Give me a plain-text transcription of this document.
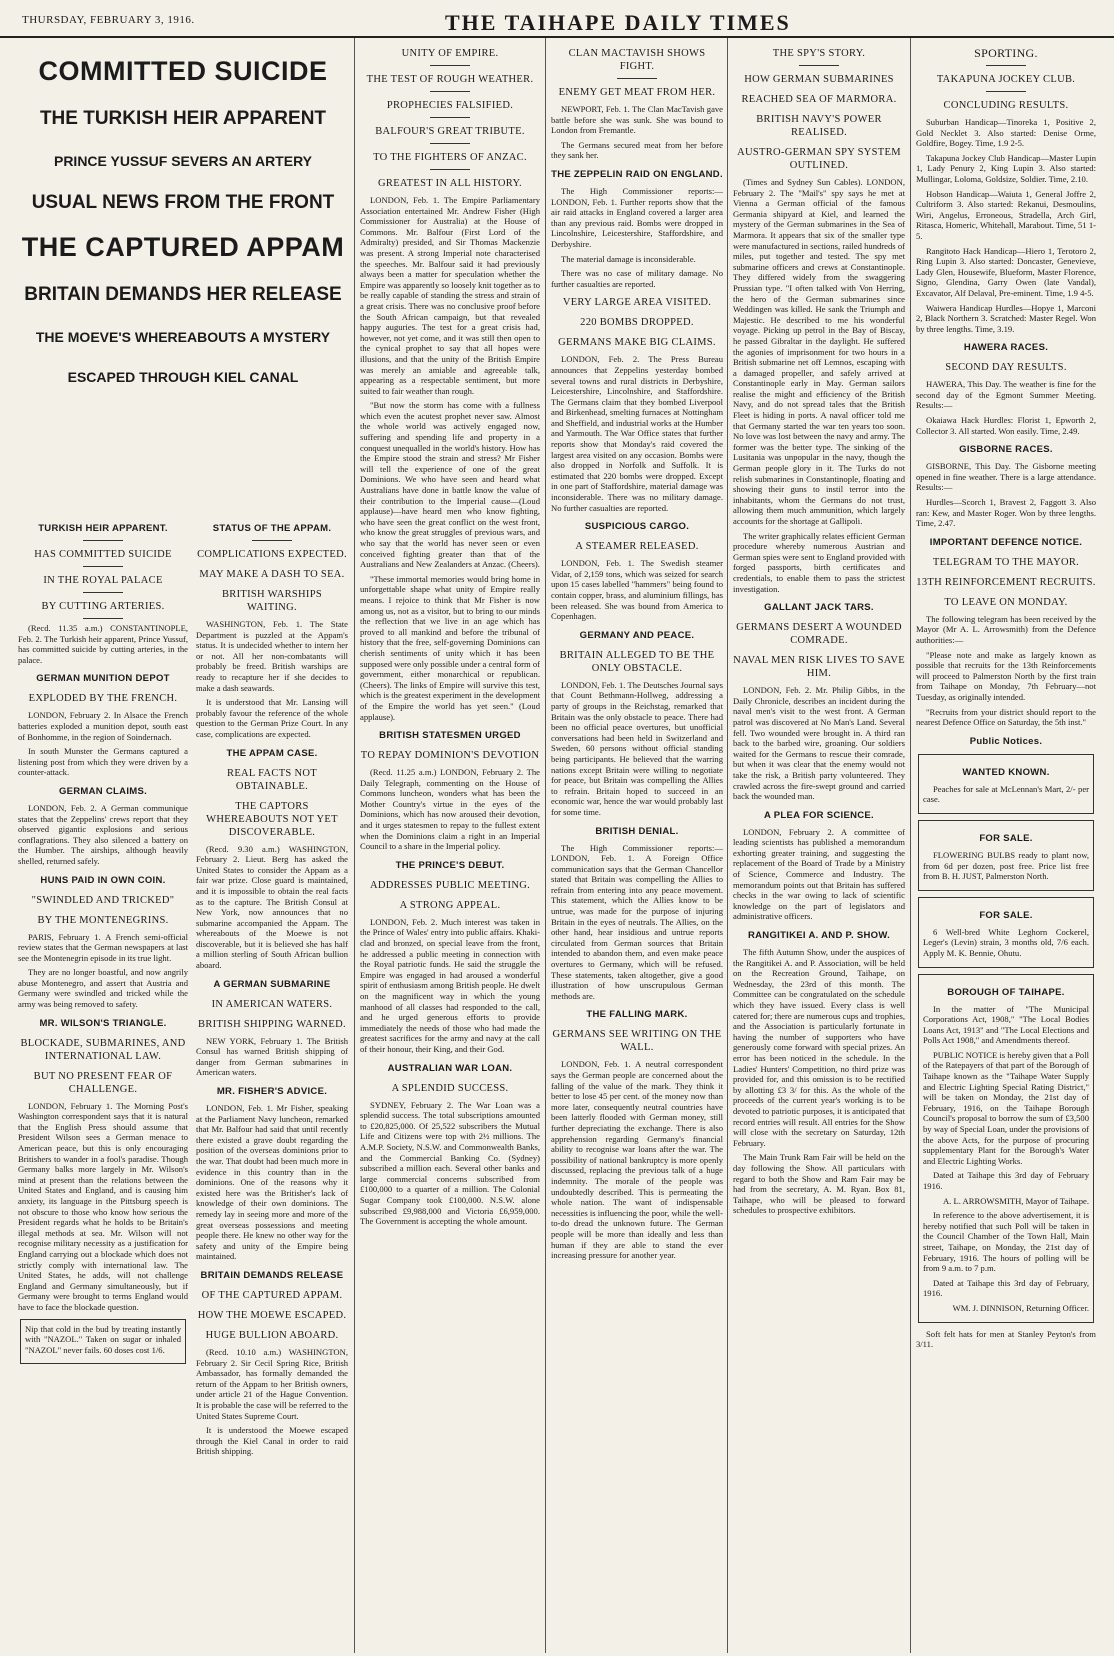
THURSDAY, FEBRUARY 3, 1916.	THE TAIHAPE DAILY TIMES
COMMITTED SUICIDE
THE TURKISH HEIR APPARENT
PRINCE YUSSUF SEVERS AN ARTERY
USUAL NEWS FROM THE FRONT
THE CAPTURED APPAM
BRITAIN DEMANDS HER RELEASE
THE MOEVE'S WHEREABOUTS A MYSTERY
ESCAPED THROUGH KIEL CANAL
TURKISH HEIR APPARENT.
HAS COMMITTED SUICIDE
IN THE ROYAL PALACE
BY CUTTING ARTERIES.

(Recd. 11.35 a.m.) CONSTANTINOPLE, Feb. 2. The Turkish heir apparent, Prince Yussuf, has committed suicide by cutting arteries, in the palace.

GERMAN MUNITION DEPOT
EXPLODED BY THE FRENCH.

LONDON, February 2. In Alsace the French batteries exploded a munition depot, south east of Bonhomme, in the region of Soindernach.

In south Munster the Germans captured a listening post from which they were driven by a counter-attack.

GERMAN CLAIMS.

LONDON, Feb. 2. A German communique states that the Zeppelins' crews report that they observed gigantic explosions and serious conflagrations. They also silenced a battery on the Humber. The airships, although heavily shelled, returned safely.

HUNS PAID IN OWN COIN.
"SWINDLED AND TRICKED"
BY THE MONTENEGRINS.

PARIS, February 1. A French semi-official review states that the German newspapers at last see the Montenegrin episode in its true light.

They are no longer boastful, and now angrily abuse Montenegro, and assert that Austria and Germany were swindled and tricked while the army was being removed to safety.

MR. WILSON'S TRIANGLE.
BLOCKADE, SUBMARINES, AND INTERNATIONAL LAW.
BUT NO PRESENT FEAR OF CHALLENGE.

LONDON, February 1. The Morning Post's Washington correspondent says that it is natural that the English Press should assume that President Wilson sees a German menace to American peace, but this is only encouraging Britishers to wander in a fool's paradise. Though Germany balks more largely in Mr. Wilson's mind at present than the relations between the United States and England, and is causing him anxiety, its language in the Pittsburg speech is not obscure to those who know how serious the President regards what he holds to be Britain's illegal methods at sea. Mr. Wilson will not recognise military necessity as a justification for England carrying out a blockade which does not strictly comply with international law. The United States, he adds, will not challenge England and Germany simultaneously, but if Germany were brought to terms England would have to face the blockade question.

Nip that cold in the bud by treating instantly with "NAZOL." Taken on sugar or inhaled "NAZOL" never fails. 60 doses cost 1/6.

STATUS OF THE APPAM.
COMPLICATIONS EXPECTED.
MAY MAKE A DASH TO SEA.
BRITISH WARSHIPS WAITING.

WASHINGTON, Feb. 1. The State Department is puzzled at the Appam's status. It is undecided whether to intern her or not. All her non-combatants will probably be freed. British warships are ready to recapture her if she decides to make a dash seawards.

It is understood that Mr. Lansing will probably favour the reference of the whole question to the German Prize Court. In any case, complications are expected.

THE APPAM CASE.
REAL FACTS NOT OBTAINABLE.
THE CAPTORS WHEREABOUTS NOT YET DISCOVERABLE.

(Recd. 9.30 a.m.) WASHINGTON, February 2. Lieut. Berg has asked the United States to consider the Appam as a fair war prize. Close guard is maintained, and it is impossible to obtain the real facts as to the capture. The British Consul at New York, now announces that no submarine accompanied the Appam. The whereabouts of the Moewe is not discoverable, but it is believed she has half a million sterling of South African bullion aboard.

A GERMAN SUBMARINE
IN AMERICAN WATERS.
BRITISH SHIPPING WARNED.

NEW YORK, February 1. The British Consul has warned British shipping of danger from German submarines in American waters.

MR. FISHER'S ADVICE.

LONDON, Feb. 1. Mr Fisher, speaking at the Parliament Navy luncheon, remarked that Mr. Balfour had said that until recently there existed a grave doubt regarding the position of the overseas dominions prior to the war. That doubt had been much more in evidence in this country than in the dominions. One of the reasons why it existed here was the Britisher's lack of knowledge of their own dominions. The remedy lay in seeing more and more of the great overseas possessions and meeting people there. He knew no other way for the safety and unity of the Empire being maintained.

BRITAIN DEMANDS RELEASE
OF THE CAPTURED APPAM.
HOW THE MOEWE ESCAPED.
HUGE BULLION ABOARD.

(Recd. 10.10 a.m.) WASHINGTON, February 2. Sir Cecil Spring Rice, British Ambassador, has formally demanded the return of the Appam to her British owners, under article 21 of the Hague Convention. It is probable the case will be referred to the United States Supreme Court.

It is understood the Moewe escaped through the Kiel Canal in order to raid British shipping.

UNITY OF EMPIRE.
THE TEST OF ROUGH WEATHER.
PROPHECIES FALSIFIED.
BALFOUR'S GREAT TRIBUTE.
TO THE FIGHTERS OF ANZAC.
GREATEST IN ALL HISTORY.

LONDON, Feb. 1. The Empire Parliamentary Association entertained Mr. Andrew Fisher (High Commissioner for Australia) at the House of Commons. Mr. Balfour (First Lord of the Admiralty) presided, and Sir Thomas Mackenzie was present. A strong Imperial note characterised the speeches. Mr. Balfour said it had previously always been a matter for speculation whether the Empire was apparently so loosely knit together as to be really capable of standing the stress and strain of a great crisis. There was no conclusive proof before the South African campaign, but that revealed happy auguries. The test for a great crisis had, however, not yet come, and it was still then open to the cynical prophet to say that all hopes were illusions, and that the unity of the British Empire was merely an amiable and agreeable talk, appearing as a respectable sentiment, but more suited to fair weather than rough.

"But now the storm has come with a fullness which even the acutest prophet never saw. Almost the whole world was actively engaged now, suffering and spending life and property in a conquest unequalled in the world's history. How has the Empire stood the strain and stress? Mr Fisher will tell the experience of one of the great Dominions. We who have seen and heard what Australians have done in battle know the value of their contribution to the Imperial cause—(Loud applause)—have heard men who know fighting, who have seen the great conflict on the west front, who know the great struggles of previous wars, and who say that the world has never seen or even conceived fighting greater than that of the Australians and New Zealanders at Anzac. (Cheers).

"These immortal memories would bring home in unforgettable shape what unity of Empire really means. I rejoice to think that Mr Fisher is now among us, not as a visitor, but to bring to our minds the reflection that we live in an age which has proved to all mankind and before the tribunal of history that the free, self-governing Dominions can cherish sentiments of unity which it has been supposed were only possible under a central form of government, either monarchical or republican. (Cheers). The links of Empire will survive this test, which is the greatest experiment in the development of the Empire the world has yet seen." (Loud applause).

BRITISH STATESMEN URGED
TO REPAY DOMINION'S DEVOTION

(Recd. 11.25 a.m.) LONDON, February 2. The Daily Telegraph, commenting on the House of Commons luncheon, wonders what has been the Mother Country's virtue in the eyes of the Dominions, which has now aroused their devotion, and it urges statesmen to repay to the fullest extent when the Dominions claim a right in an Imperial Council to a share in the Imperial policy.

THE PRINCE'S DEBUT.
ADDRESSES PUBLIC MEETING.
A STRONG APPEAL.

LONDON, Feb. 2. Much interest was taken in the Prince of Wales' entry into public affairs. Khaki-clad and bronzed, on special leave from the front, he addressed a public meeting in connection with the Royal patriotic funds. He said the struggle the Empire was engaged in had aroused a wonderful spirit of enthusiasm among British people. He dwelt on the magnificent way in which the young manhood of all classes had responded to the call, and he urged generous efforts to provide immediately the needs of those who had made the greatest sacrifices for the army and navy at the call of their honour, their King, and their God.

AUSTRALIAN WAR LOAN.
A SPLENDID SUCCESS.

SYDNEY, February 2. The War Loan was a splendid success. The total subscriptions amounted to £20,825,000. Of 25,522 subscribers the Mutual Life and Citizens were top with 2½ millions. The A.M.P. Society, N.S.W. and Commonwealth Banks, and the Commercial Banking Co. (Sydney) subscribed a million each. Several other banks and large commercial concerns subscribed from £100,000 to a quarter of a million. The Colonial Sugar Company took £100,000. N.S.W. alone subscribed £9,988,000 and Victoria £6,959,000. The Government is accepting the whole amount.

CLAN MACTAVISH SHOWS FIGHT.
ENEMY GET MEAT FROM HER.

NEWPORT, Feb. 1. The Clan MacTavish gave battle before she was sunk. She was bound to London from Fremantle.

The Germans secured meat from her before they sank her.

THE ZEPPELIN RAID ON ENGLAND.

The High Commissioner reports:— LONDON, Feb. 1. Further reports show that the air raid attacks in England covered a larger area than any previous raid. Bombs were dropped in Lincolnshire, Leicestershire, Staffordshire, and Derbyshire.

The material damage is inconsiderable.

There was no case of military damage. No further casualties are reported.

VERY LARGE AREA VISITED.
220 BOMBS DROPPED.
GERMANS MAKE BIG CLAIMS.

LONDON, Feb. 2. The Press Bureau announces that Zeppelins yesterday bombed several towns and rural districts in Derbyshire, Leicestershire, Lincolnshire, and Staffordshire. The Germans claim that they bombed Liverpool and Birkenhead, smelting furnaces at Nottingham and Sheffield, and industrial works at the Humber and Yarmouth. The War Office states that further reports show that Monday's raid covered the largest area visited on any occasion. Bombs were also dropped in Norfolk and Suffolk. It is estimated that 220 bombs were dropped. Except in one part of Staffordshire, material damage was inconsiderable. There was no military damage. No further casualties are reported.

SUSPICIOUS CARGO.
A STEAMER RELEASED.

LONDON, Feb. 1. The Swedish steamer Vidar, of 2,159 tons, which was seized for search upon 15 cases labelled "hammers" being found to contain copper, brass, and aluminium fillings, has been released. She was bound from America to Copenhagen.

GERMANY AND PEACE.
BRITAIN ALLEGED TO BE THE ONLY OBSTACLE.

LONDON, Feb. 1. The Deutsches Journal says that Count Bethmann-Hollweg, addressing a party of groups in the Reichstag, remarked that Britain was the only obstacle to peace. There had been no official peace overtures, but unofficial conversations had been held in Switzerland and Sweden, 60 persons without official standing being participants. He believed that the warring nations except Britain were willing to negotiate for peace, but Britain was compelling the Allies to refrain. Britain hoped to succeed in an economic war, hence the war would probably last for some time.

BRITISH DENIAL.

The High Commissioner reports:— LONDON, Feb. 1. A Foreign Office communication says that the German Chancellor stated that Britain was compelling the Allies to refrain from entering into any peace movement. This statement, which the Allies know to be untrue, was made for the purpose of injuring Britain in the eyes of neutrals. The Allies, on the other hand, hear insidious and untrue reports circulated from German sources that Britain intended to abandon them, and even make peace overtures to Germany, which will be refused. These statements, taken altogether, give a good illustration of how unscrupulous German methods are.

THE FALLING MARK.
GERMANS SEE WRITING ON THE WALL.

LONDON, Feb. 1. A neutral correspondent says the German people are concerned about the falling of the value of the mark. They think it better to lose 45 per cent. of the money now than more later, consequently neutral countries have been latterly flooded with German money, still further depreciating the exchange. There is also apprehension regarding Germany's financial ability to recognise war loans after the war. The possibility of national bankruptcy is more openly discussed, replacing the previous talk of a huge indemnity. The morale of the people was undoubtedly described. This is permeating the whole nation. The want of indispensable necessities is influencing the poor, while the well-to-do dread the unknown future. The German people will be more than ideally and less than human if they are able to stand the ever increasing pressure for another year.

THE SPY'S STORY.
HOW GERMAN SUBMARINES
REACHED SEA OF MARMORA.
BRITISH NAVY'S POWER REALISED.
AUSTRO-GERMAN SPY SYSTEM OUTLINED.

(Times and Sydney Sun Cables). LONDON, February 2. The "Mail's" spy says he met at Vienna a German official of the famous Germania shipyard at Kiel, and learned the mystery of the German submarines in the Sea of Marmora. It appears that six of the smaller type were manufactured in sections, railed hundreds of miles, put together and tested. The spy met submarine officers and crews at Constantinople. They differed widely from the swaggering Prussian type. "I often talked with Von Herring, the hero of the German submarines since Weddingen was killed. He sank the Triumph and Majestic. He described to me his wonderful voyage. Picking up petrol in the Bay of Biscay, he passed Gibraltar in the daylight. He suffered the agonies of imprisonment for two hours in a British submarine net off Lemnos, escaping with a damaged propeller, and safely arrived at Constantinople early in May. German sailors realise the might and efficiency of the British Navy, and do not spread tales that the British Fleet is hiding in ports. A naval officer told me that Germany started the war ten years too soon. No love was lost between the navy and army. The former was the better type. The sinking of the Lusitania was unpopular in the navy, though the German people glory in it. The Turks do not relish submarines in Constantinople, floating and showing their guns to instil terror into the inhabitants, whom the Germans do not trust, allowing them much ammunition, which largely accounts for the shortage at Gallipoli.

The writer graphically relates efficient German procedure whereby numerous Austrian and German spies were sent to England provided with forged passports, birth certificates and credentials, to enable them to pass the strictest investigation.

GALLANT JACK TARS.
GERMANS DESERT A WOUNDED COMRADE.
NAVAL MEN RISK LIVES TO SAVE HIM.

LONDON, Feb. 2. Mr. Philip Gibbs, in the Daily Chronicle, describes an incident during the naval men's visit to the west front. A German patrol was discovered at No Man's Land. Several fell. Two wounded were brought in. A third ran back to the barbed wire, groaning. Our soldiers waited for the Germans to rescue their comrade, but when it was clear that the enemy would not take the risk, a British party volunteered. They crawled across the fire-swept ground and carried back the wounded man.

A PLEA FOR SCIENCE.

LONDON, February 2. A committee of leading scientists has published a memorandum exhorting greater training, and suggesting the replacement of the Board of Trade by a Ministry of Science, Commerce and Industry. The memorandum points out that Britain has suffered checks in the war owing to lack of scientific knowledge on the part of legislators and administrative officers.

RANGITIKEI A. AND P. SHOW.

The fifth Autumn Show, under the auspices of the Rangitikei A. and P. Association, will be held on the Recreation Ground, Taihape, on Wednesday, the 23rd of this month. The Committee can be congratulated on the schedule which they have issued. Every class is well catered for; there are numerous cups and trophies, and the Association is particularly fortunate in having the number of supporters who have generously come forward with special prizes. An error has been noticed in the schedule. In the Ladies' Hunters' Competition, no third prize was provided for, and this omission is to be rectified by allotting £3 3/ for this. As the whole of the proceeds of the current year's working is to be devoted to patriotic purposes, it is anticipated that record entries will result. All entries for the Show will close with the secretary on Saturday, 12th February.

The Main Trunk Ram Fair will be held on the day following the Show. All particulars with regard to both the Show and Ram Fair may be had from the secretary, A. M. Ryan. Box 81, Taihape, who will be pleased to forward schedules to prospective exhibitors.

SPORTING.
TAKAPUNA JOCKEY CLUB.
CONCLUDING RESULTS.

Suburban Handicap—Tinoreka 1, Positive 2, Gold Necklet 3. Also started: Denise Orme, Goldfire, Bogey. Time, 1.9 2-5.

Takapuna Jockey Club Handicap—Master Lupin 1, Lady Penury 2, King Lupin 3. Also started: Mullingar, Loloma, Goldsize, Soldier. Time, 2.10.

Hobson Handicap—Waiuta 1, General Joffre 2, Cultriform 3. Also started: Rekanui, Desmoulins, Wiri, Angelus, Erroneous, Stradella, Arch Girl, Ritasca, Homeric, Whitehall, Marabout. Time, 51 1-5.

Rangitoto Hack Handicap—Hiero 1, Terotoro 2, Ring Lupin 3. Also started: Doncaster, Genevieve, Lady Glen, Housewife, Blueform, Master Florence, Signo, Glendina, Garry Owen (late Vandal), Excavator, Alf Delaval, Pre-eminent. Time, 1.9 4-5.

Waiwera Handicap Hurdles—Hopye 1, Marconi 2, Black Northern 3. Scratched: Master Regel. Won by three lengths. Time, 3.19.

HAWERA RACES.
SECOND DAY RESULTS.

HAWERA, This Day. The weather is fine for the second day of the Egmont Summer Meeting. Results:—

Okaiawa Hack Hurdles: Florist 1, Epworth 2, Collector 3. All started. Won easily. Time, 2.49.

GISBORNE RACES.

GISBORNE, This Day. The Gisborne meeting opened in fine weather. There is a large attendance. Results:—

Hurdles—Scorch 1, Bravest 2, Faggott 3. Also ran: Kew, and Master Roger. Won by three lengths. Time, 2.47.

IMPORTANT DEFENCE NOTICE.
TELEGRAM TO THE MAYOR.
13TH REINFORCEMENT RECRUITS.
TO LEAVE ON MONDAY.

The following telegram has been received by the Mayor (Mr A. L. Arrowsmith) from the Defence authorities:—

"Please note and make as largely known as possible that recruits for the 13th Reinforcements will proceed to Palmerston North by the first train from Taihape on Monday, 7th February—not Tuesday, as originally intended.

"Recruits from your district should report to the nearest Defence Office on Saturday, the 5th inst."

Public Notices.
WANTED KNOWN.

Peaches for sale at McLennan's Mart, 2/- per case.

FOR SALE.

FLOWERING BULBS ready to plant now, from 6d per dozen, post free. Price list free from B. H. JUST, Palmerston North.

FOR SALE.

6 Well-bred White Leghorn Cockerel, Leger's (Levin) strain, 3 months old, 7/6 each. Apply M. K. Bennie, Ohutu.

BOROUGH OF TAIHAPE.

In the matter of "The Municipal Corporations Act, 1908," "The Local Bodies Loans Act, 1913" and "The Local Elections and Polls Act 1908," and Amendments thereof.

PUBLIC NOTICE is hereby given that a Poll of the Ratepayers of that part of the Borough of Taihape known as the "Taihape Water Supply and Electric Lighting Special Rating District," will be taken on Monday, the 21st day of February, 1916, on the Taihape Borough Council's proposal to borrow the sum of £3,500 by way of Special Loan, under the provisions of the above Acts, for the purpose of procuring supplementary Plant for the Borough's Water and Electric Lighting Works.

Dated at Taihape this 3rd day of February 1916.

A. L. ARROWSMITH, Mayor of Taihape.

In reference to the above advertisement, it is hereby notified that such Poll will be taken in the Council Chamber of the Town Hall, Main street, Taihape, on Monday, the 21st day of February, 1916. The hours of polling will be from 9 a.m. to 7 p.m.

Dated at Taihape this 3rd day of February, 1916.

WM. J. DINNISON, Returning Officer.

Soft felt hats for men at Stanley Peyton's from 3/11.
